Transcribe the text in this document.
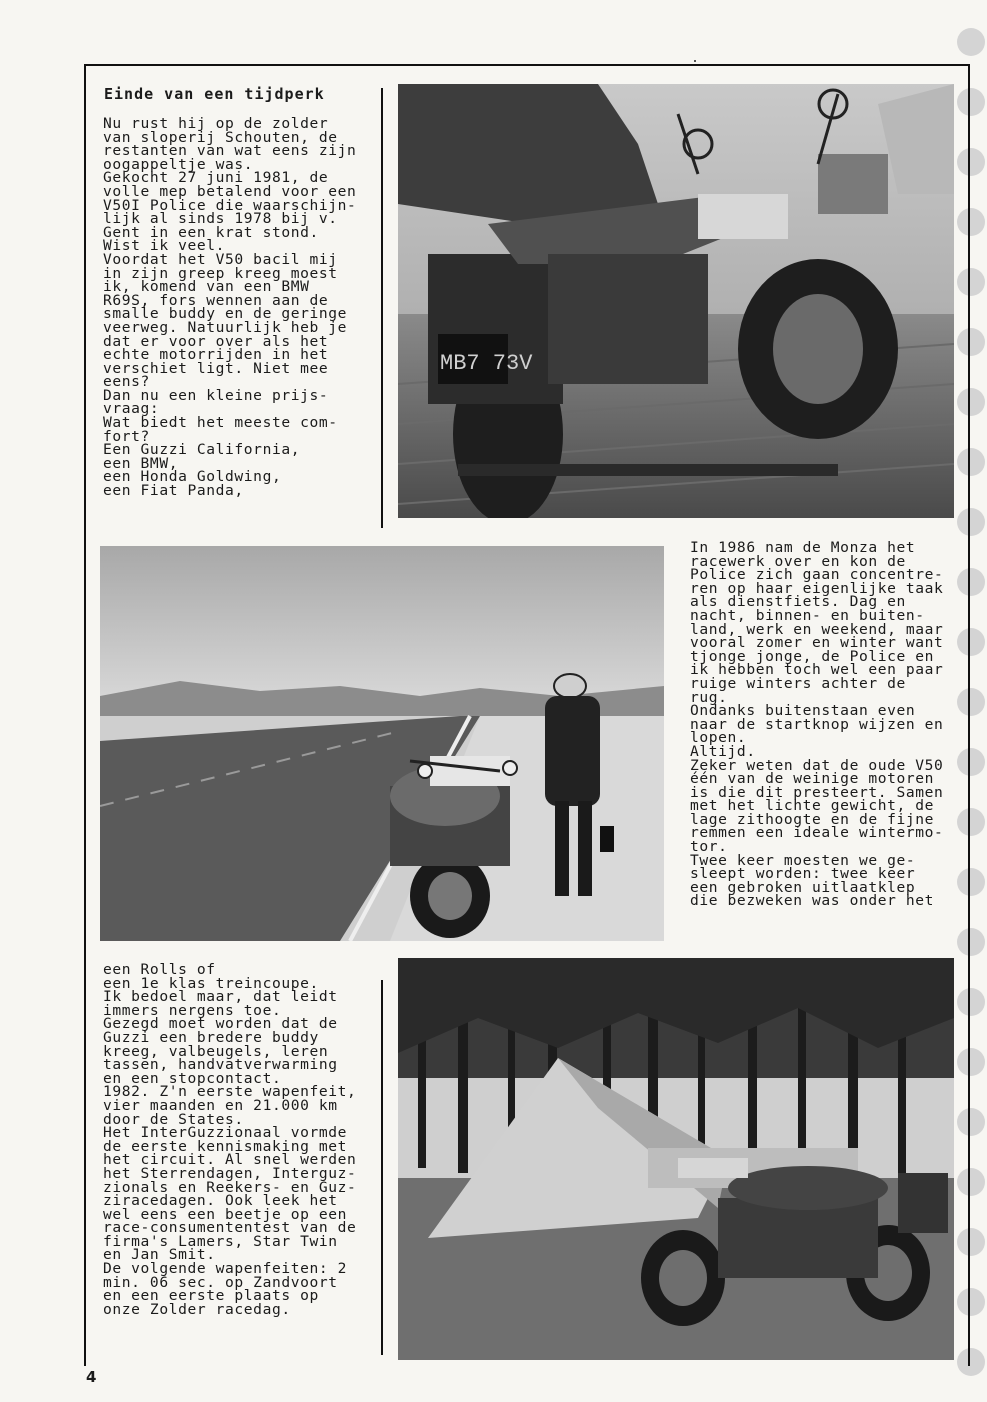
Einde van een tijdperk
Nu rust hij op de zolder
van sloperij Schouten, de
restanten van wat eens zijn
oogappeltje was.
Gekocht 27 juni 1981, de
volle mep betalend voor een
V50I Police die waarschijn-
lijk al sinds 1978 bij v.
Gent in een krat stond.
Wist ik veel.
Voordat het V50 bacil mij
in zijn greep kreeg moest
ik, komend van een BMW
R69S, fors wennen aan de
smalle buddy en de geringe
veerweg. Natuurlijk heb je
dat er voor over als het
echte motorrijden in het
verschiet ligt. Niet mee
eens?
Dan nu een kleine prijs-
vraag:
Wat biedt het meeste com-
fort?
Een Guzzi California,
een BMW,
een Honda Goldwing,
een Fiat Panda,
In 1986 nam de Monza het
racewerk over en kon de
Police zich gaan concentre-
ren op haar eigenlijke taak
als dienstfiets. Dag en
nacht, binnen- en buiten-
land, werk en weekend, maar
vooral zomer en winter want
tjonge jonge, de Police en
ik hebben toch wel een paar
ruige winters achter de
rug.
Ondanks buitenstaan even
naar de startknop wijzen en
lopen.
Altijd.
Zeker weten dat de oude V50
één van de weinige motoren
is die dit presteert. Samen
met het lichte gewicht, de
lage zithoogte en de fijne
remmen een ideale wintermo-
tor.
Twee keer moesten we ge-
sleept worden: twee keer
een gebroken uitlaatklep
die bezweken was onder het
een Rolls of
een 1e klas treincoupe.
Ik bedoel maar, dat leidt
immers nergens toe.
Gezegd moet worden dat de
Guzzi een bredere buddy
kreeg, valbeugels, leren
tassen, handvatverwarming
en een stopcontact.
1982. Z'n eerste wapenfeit,
vier maanden en 21.000 km
door de States.
Het InterGuzzionaal vormde
de eerste kennismaking met
het circuit. Al snel werden
het Sterrendagen, Interguz-
zionals en Reekers- en Guz-
ziracedagen. Ook leek het
wel eens een beetje op een
race-consumententest van de
firma's Lamers, Star Twin
en Jan Smit.
De volgende wapenfeiten: 2
min. 06 sec. op Zandvoort
en een eerste plaats op
onze Zolder racedag.
MB7 73V
4
